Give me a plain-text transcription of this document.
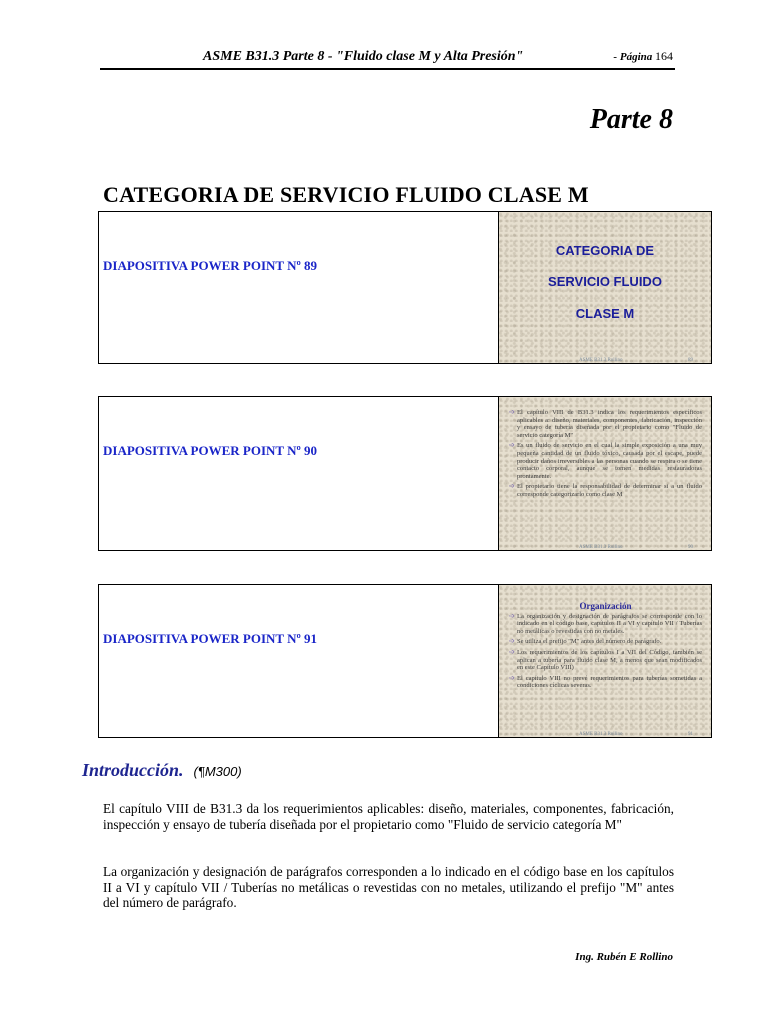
ASME B31.3 Parte 8 - "Fluido clase M y Alta Presión"	- Página 164
Parte 8
CATEGORIA DE SERVICIO FLUIDO CLASE M
DIAPOSITIVA POWER POINT Nº 89
CATEGORIA DE
SERVICIO FLUIDO
CLASE M
ASME B31.3 Rollino	89
DIAPOSITIVA POWER POINT Nº 90
➩ El capítulo VIII de B31.3 indica los requerimientos específicos aplicables a: diseño, materiales, componentes, fabricación, inspección y ensayo de tubería diseñada por el propietario como "Fluido de servicio categoría M"
➩ Es un fluido de servicio en el cual la simple exposición a una muy pequeña cantidad de un fluido tóxico, causada por el escape, puede producir daños irreversibles a las personas cuando se respira o se tiene contacto corporal, aunque se tomen medidas restauradoras prontamente.
➩ El propietario tiene la responsabilidad de determinar si a un fluido corresponde categorizarlo como clase M
ASME B31.3 Rollino	90
DIAPOSITIVA POWER POINT Nº 91
Organización
➩ La organización y designación de parágrafos se corresponde con lo indicado en el código base, capítulos II a VI y capítulo VII / Tuberías no metálicas o revestidas con no metales.
➩ Se utiliza el prefijo "M" antes del número de parágrafo.
➩ Los requerimientos de los capítulos I a VII del Código, también se aplican a tubería para fluido clase M, a menos que sean modificados en este Capítulo VIII)
➩ El capítulo VIII no prevé requerimientos para tuberías sometidas a condiciones cíclicas severas.
ASME B31.3 Rollino	91
Introducción. (¶M300)
El capítulo VIII de B31.3 da los requerimientos aplicables: diseño, materiales, componentes, fabricación, inspección y ensayo de tubería diseñada por el propietario como "Fluido de servicio categoría M"
La organización y designación de parágrafos corresponden a lo indicado en el código base en los capítulos II a VI y capítulo VII / Tuberías no metálicas o revestidas con no metales, utilizando el prefijo "M" antes del número de parágrafo.
Ing. Rubén E Rollino
